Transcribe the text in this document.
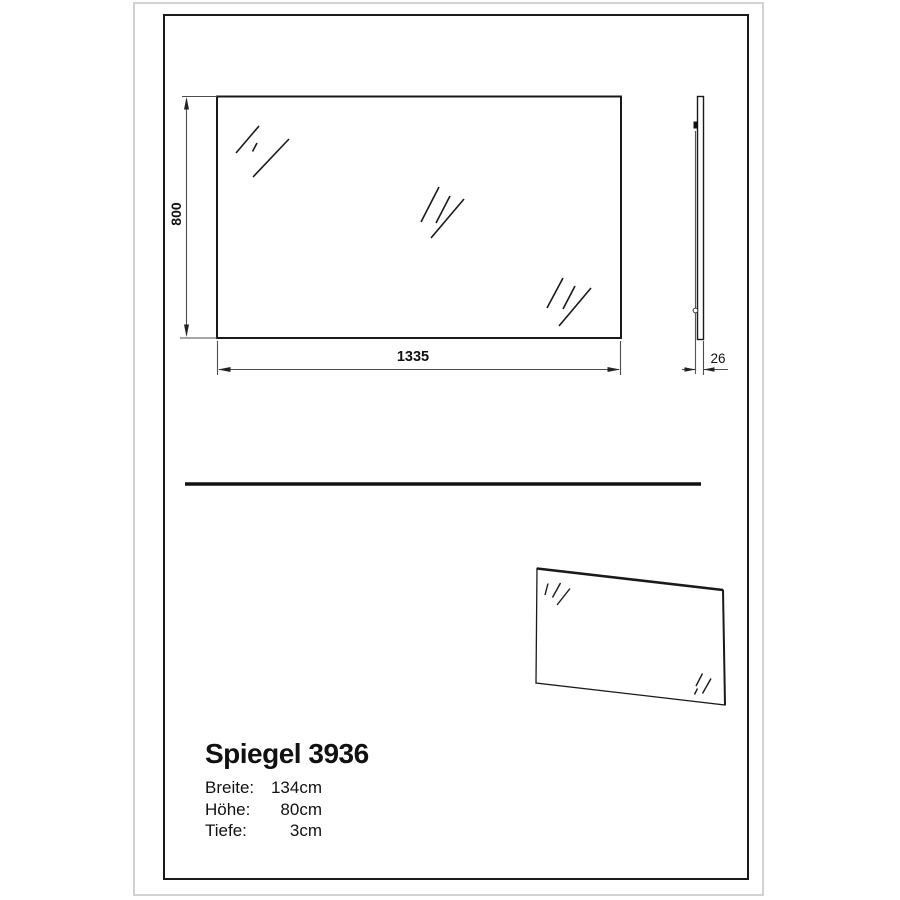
800
1335	26
Spiegel 3936
Breite: 134cm
Höhe:	80cm
Tiefe:	3cm
